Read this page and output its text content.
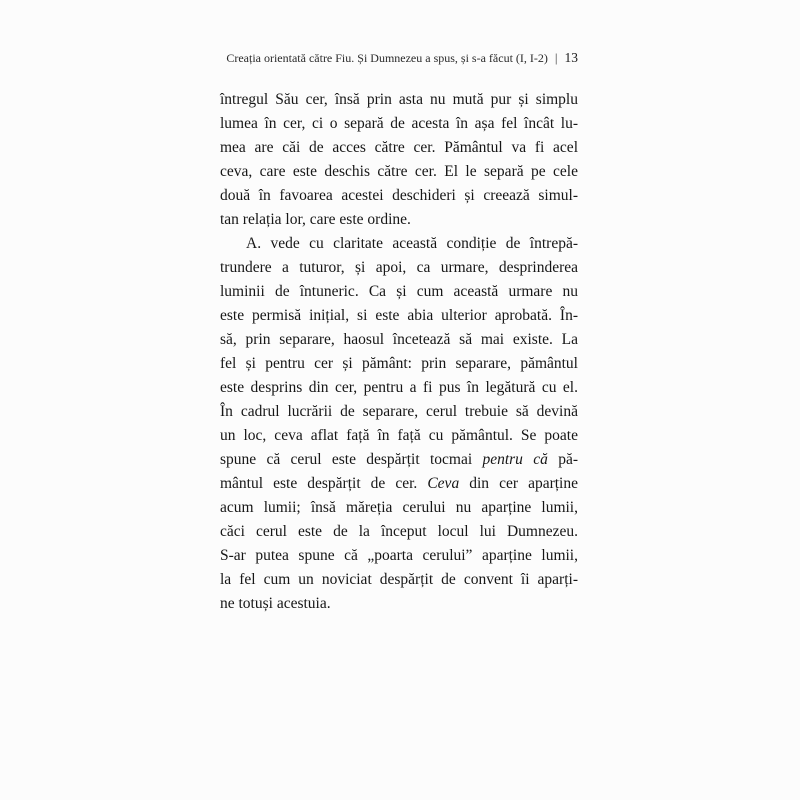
Creația orientată către Fiu. Și Dumnezeu a spus, și s-a făcut (I, I-2) | 13
întregul Său cer, însă prin asta nu mută pur și simplu
lumea în cer, ci o separă de acesta în așa fel încât lu-
mea are căi de acces către cer. Pământul va fi acel
ceva, care este deschis către cer. El le separă pe cele
două în favoarea acestei deschideri și creează simul-
tan relația lor, care este ordine.
A. vede cu claritate această condiție de întrepă-
trundere a tuturor, și apoi, ca urmare, desprinderea
luminii de întuneric. Ca și cum această urmare nu
este permisă inițial, si este abia ulterior aprobată. În-
să, prin separare, haosul încetează să mai existe. La
fel și pentru cer și pământ: prin separare, pământul
este desprins din cer, pentru a fi pus în legătură cu el.
În cadrul lucrării de separare, cerul trebuie să devină
un loc, ceva aflat față în față cu pământul. Se poate
spune că cerul este despărțit tocmai pentru că pă-
mântul este despărțit de cer. Ceva din cer aparține
acum lumii; însă măreția cerului nu aparține lumii,
căci cerul este de la început locul lui Dumnezeu.
S-ar putea spune că „poarta cerului” aparține lumii,
la fel cum un noviciat despărțit de convent îi aparți-
ne totuși acestuia.
